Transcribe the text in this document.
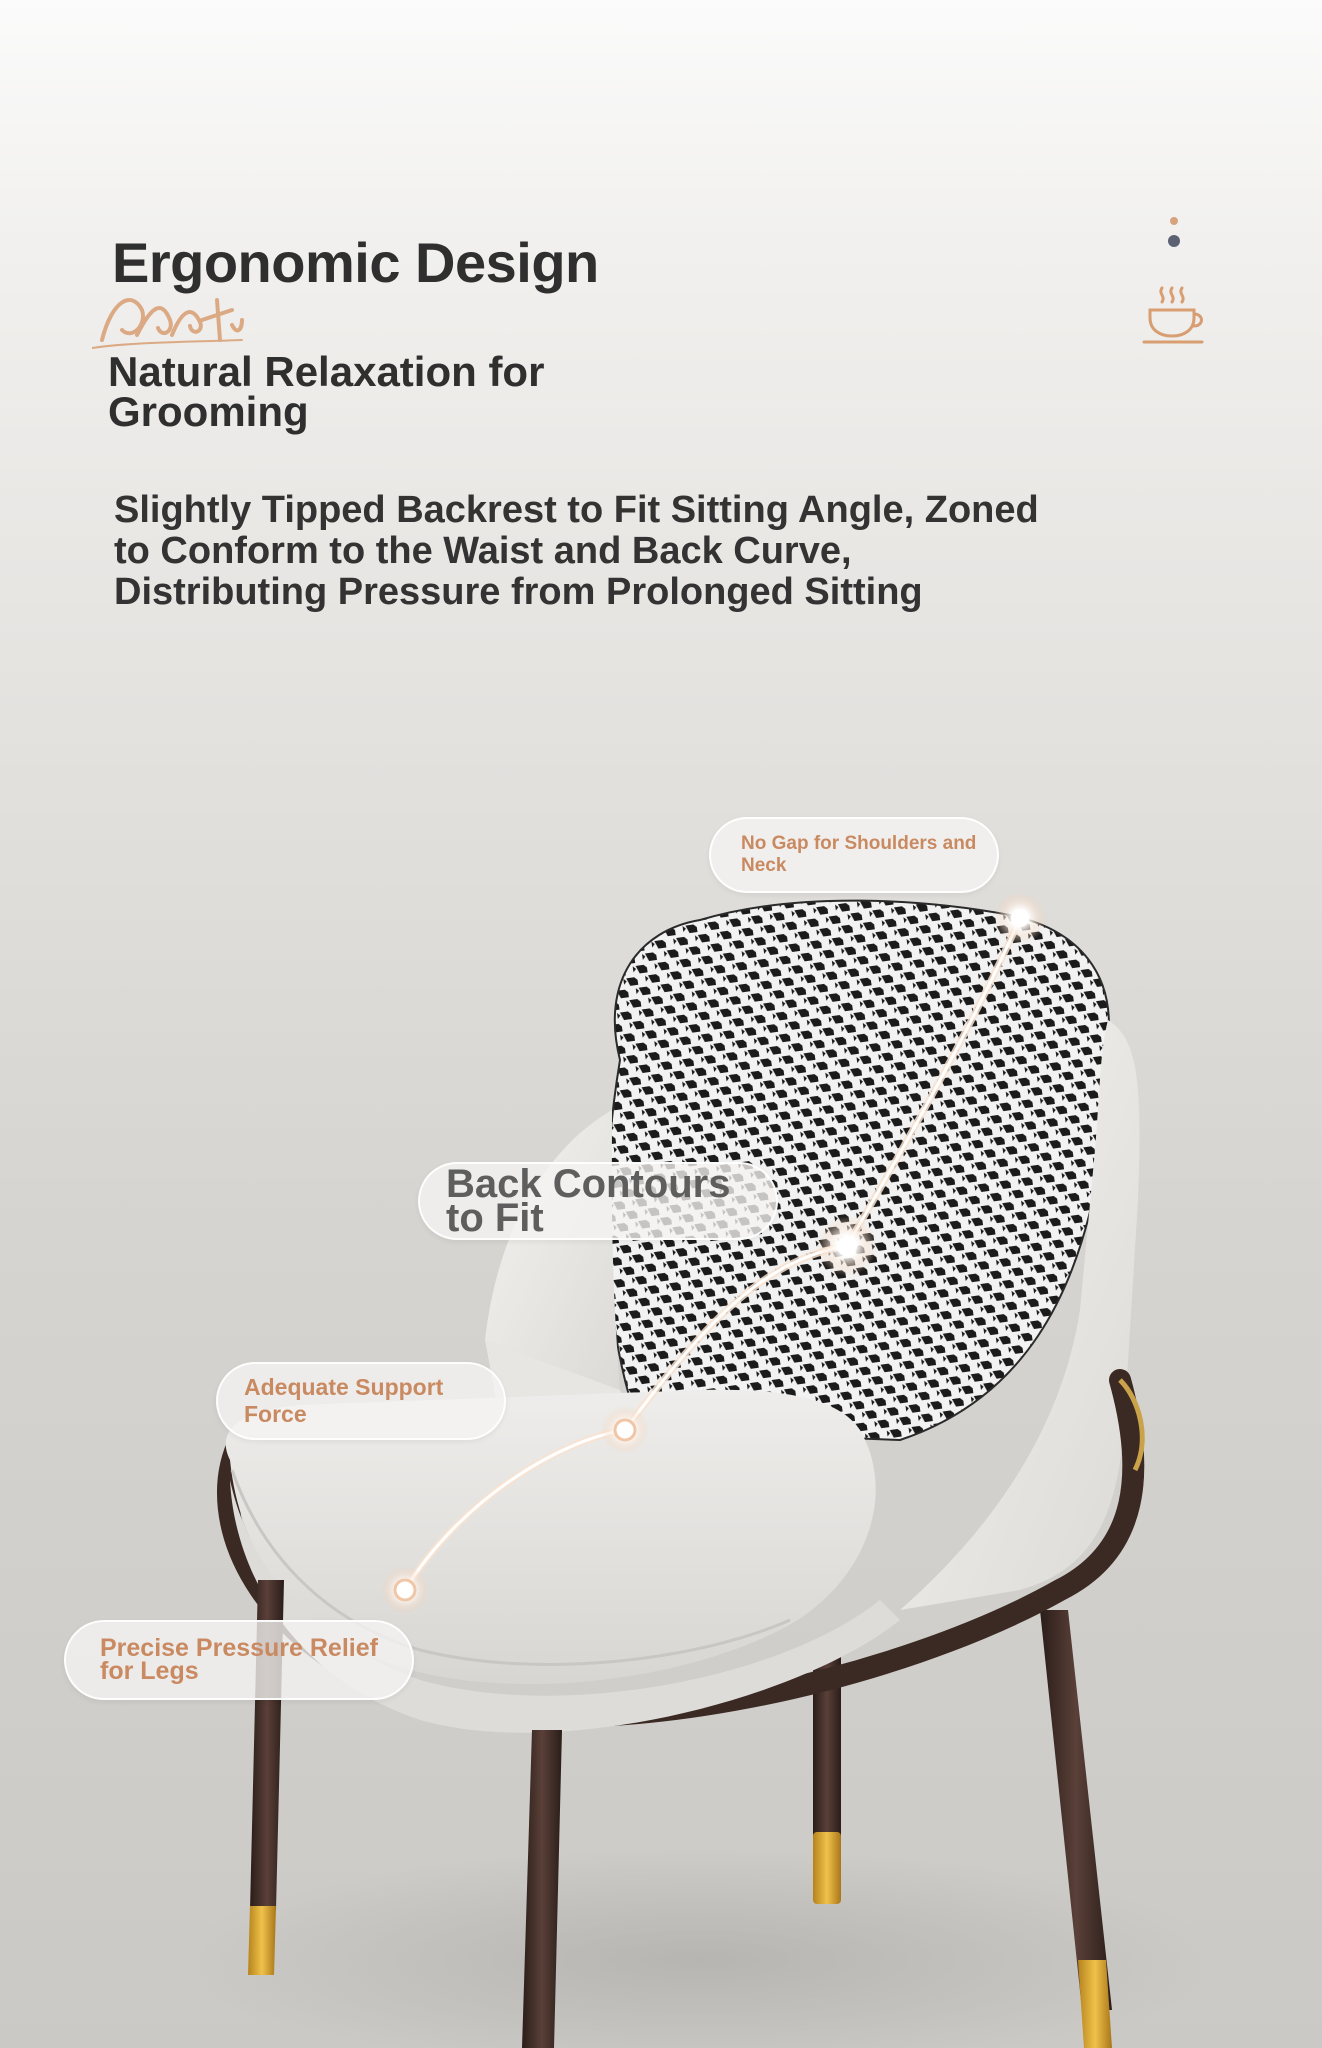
Ergonomic Design

Natural Relaxation for Grooming

Slightly Tipped Backrest to Fit Sitting Angle, Zoned to Conform to the Waist and Back Curve, Distributing Pressure from Prolonged Sitting

No Gap for Shoulders and Neck
Back Contours to Fit
Adequate Support Force
Precise Pressure Relief for Legs
